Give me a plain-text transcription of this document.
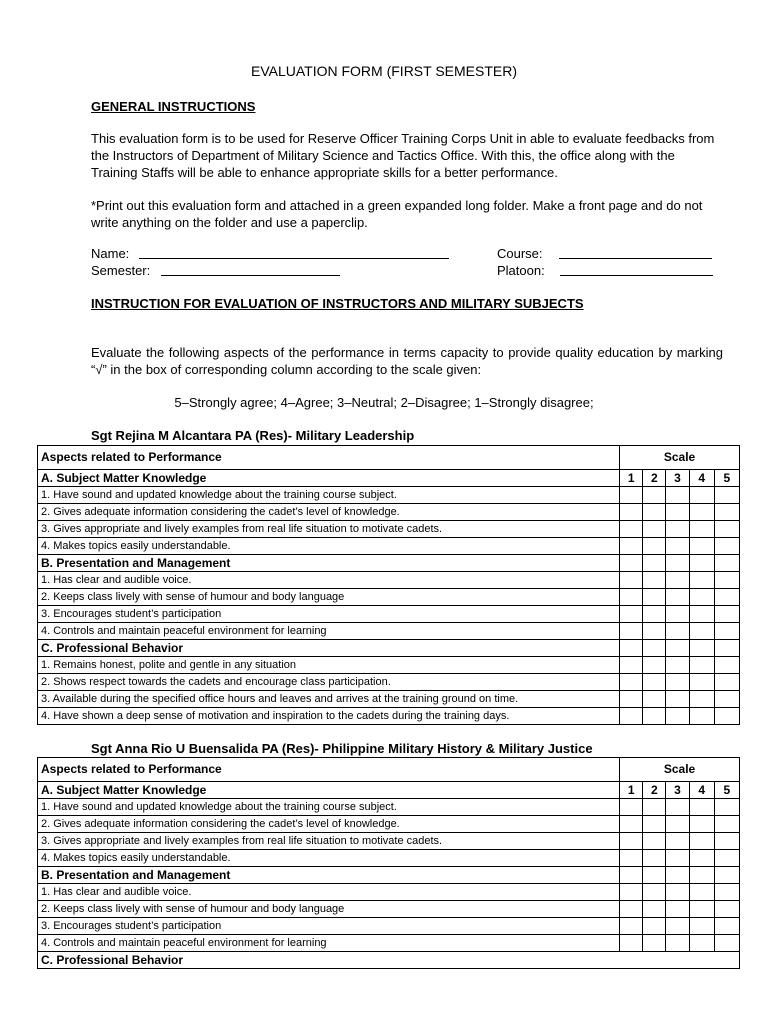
EVALUATION FORM (FIRST SEMESTER)
GENERAL INSTRUCTIONS
This evaluation form is to be used for Reserve Officer Training Corps Unit in able to evaluate feedbacks from the Instructors of Department of Military Science and Tactics Office. With this, the office along with the Training Staffs will be able to enhance appropriate skills for a better performance.
*Print out this evaluation form and attached in a green expanded long folder. Make a front page and do not write anything on the folder and use a paperclip.
Name:
Semester:
Course:
Platoon:
INSTRUCTION FOR EVALUATION OF INSTRUCTORS AND MILITARY SUBJECTS
Evaluate the following aspects of the performance in terms capacity to provide quality education by marking “√” in the box of corresponding column according to the scale given:
5–Strongly agree; 4–Agree; 3–Neutral; 2–Disagree; 1–Strongly disagree;
Sgt Rejina M Alcantara PA (Res)- Military Leadership
Aspects related to Performance	Scale				
A. Subject Matter Knowledge	1	2	3	4	5
1. Have sound and updated knowledge about the training course subject.					
2. Gives adequate information considering the cadet’s level of knowledge.					
3. Gives appropriate and lively examples from real life situation to motivate cadets.					
4. Makes topics easily understandable.					
B. Presentation and Management					
1. Has clear and audible voice.					
2. Keeps class lively with sense of humour and body language					
3. Encourages student’s participation					
4. Controls and maintain peaceful environment for learning					
C. Professional Behavior					
1. Remains honest, polite and gentle in any situation					
2. Shows respect towards the cadets and encourage class participation.					
3. Available during the specified office hours and leaves and arrives at the training ground on time.					
4. Have shown a deep sense of motivation and inspiration to the cadets during the training days.					
Sgt Anna Rio U Buensalida PA (Res)- Philippine Military History & Military Justice
Aspects related to Performance	Scale				
A. Subject Matter Knowledge	1	2	3	4	5
1. Have sound and updated knowledge about the training course subject.					
2. Gives adequate information considering the cadet’s level of knowledge.					
3. Gives appropriate and lively examples from real life situation to motivate cadets.					
4. Makes topics easily understandable.					
B. Presentation and Management					
1. Has clear and audible voice.					
2. Keeps class lively with sense of humour and body language					
3. Encourages student’s participation					
4. Controls and maintain peaceful environment for learning					
C. Professional Behavior					
